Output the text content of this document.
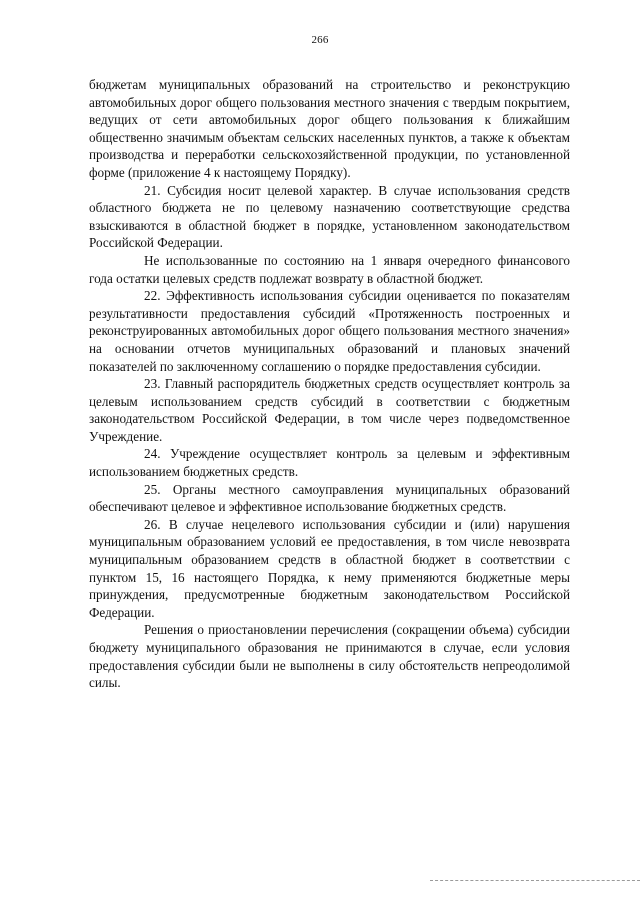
266

бюджетам муниципальных образований на строительство и реконструкцию автомобильных дорог общего пользования местного значения с твердым покрытием, ведущих от сети автомобильных дорог общего пользования к ближайшим общественно значимым объектам сельских населенных пунктов, а также к объектам производства и переработки сельскохозяйственной продукции, по установленной форме (приложение 4 к настоящему Порядку).

21. Субсидия носит целевой характер. В случае использования средств областного бюджета не по целевому назначению соответствующие средства взыскиваются в областной бюджет в порядке, установленном законодательством Российской Федерации.

Не использованные по состоянию на 1 января очередного финансового года остатки целевых средств подлежат возврату в областной бюджет.

22. Эффективность использования субсидии оценивается по показателям результативности предоставления субсидий «Протяженность построенных и реконструированных автомобильных дорог общего пользования местного значения» на основании отчетов муниципальных образований и плановых значений показателей по заключенному соглашению о порядке предоставления субсидии.

23. Главный распорядитель бюджетных средств осуществляет контроль за целевым использованием средств субсидий в соответствии с бюджетным законодательством Российской Федерации, в том числе через подведомственное Учреждение.

24. Учреждение осуществляет контроль за целевым и эффективным использованием бюджетных средств.

25. Органы местного самоуправления муниципальных образований обеспечивают целевое и эффективное использование бюджетных средств.

26. В случае нецелевого использования субсидии и (или) нарушения муниципальным образованием условий ее предоставления, в том числе невозврата муниципальным образованием средств в областной бюджет в соответствии с пунктом 15, 16 настоящего Порядка, к нему применяются бюджетные меры принуждения, предусмотренные бюджетным законодательством Российской Федерации.

Решения о приостановлении перечисления (сокращении объема) субсидии бюджету муниципального образования не принимаются в случае, если условия предоставления субсидии были не выполнены в силу обстоятельств непреодолимой силы.
